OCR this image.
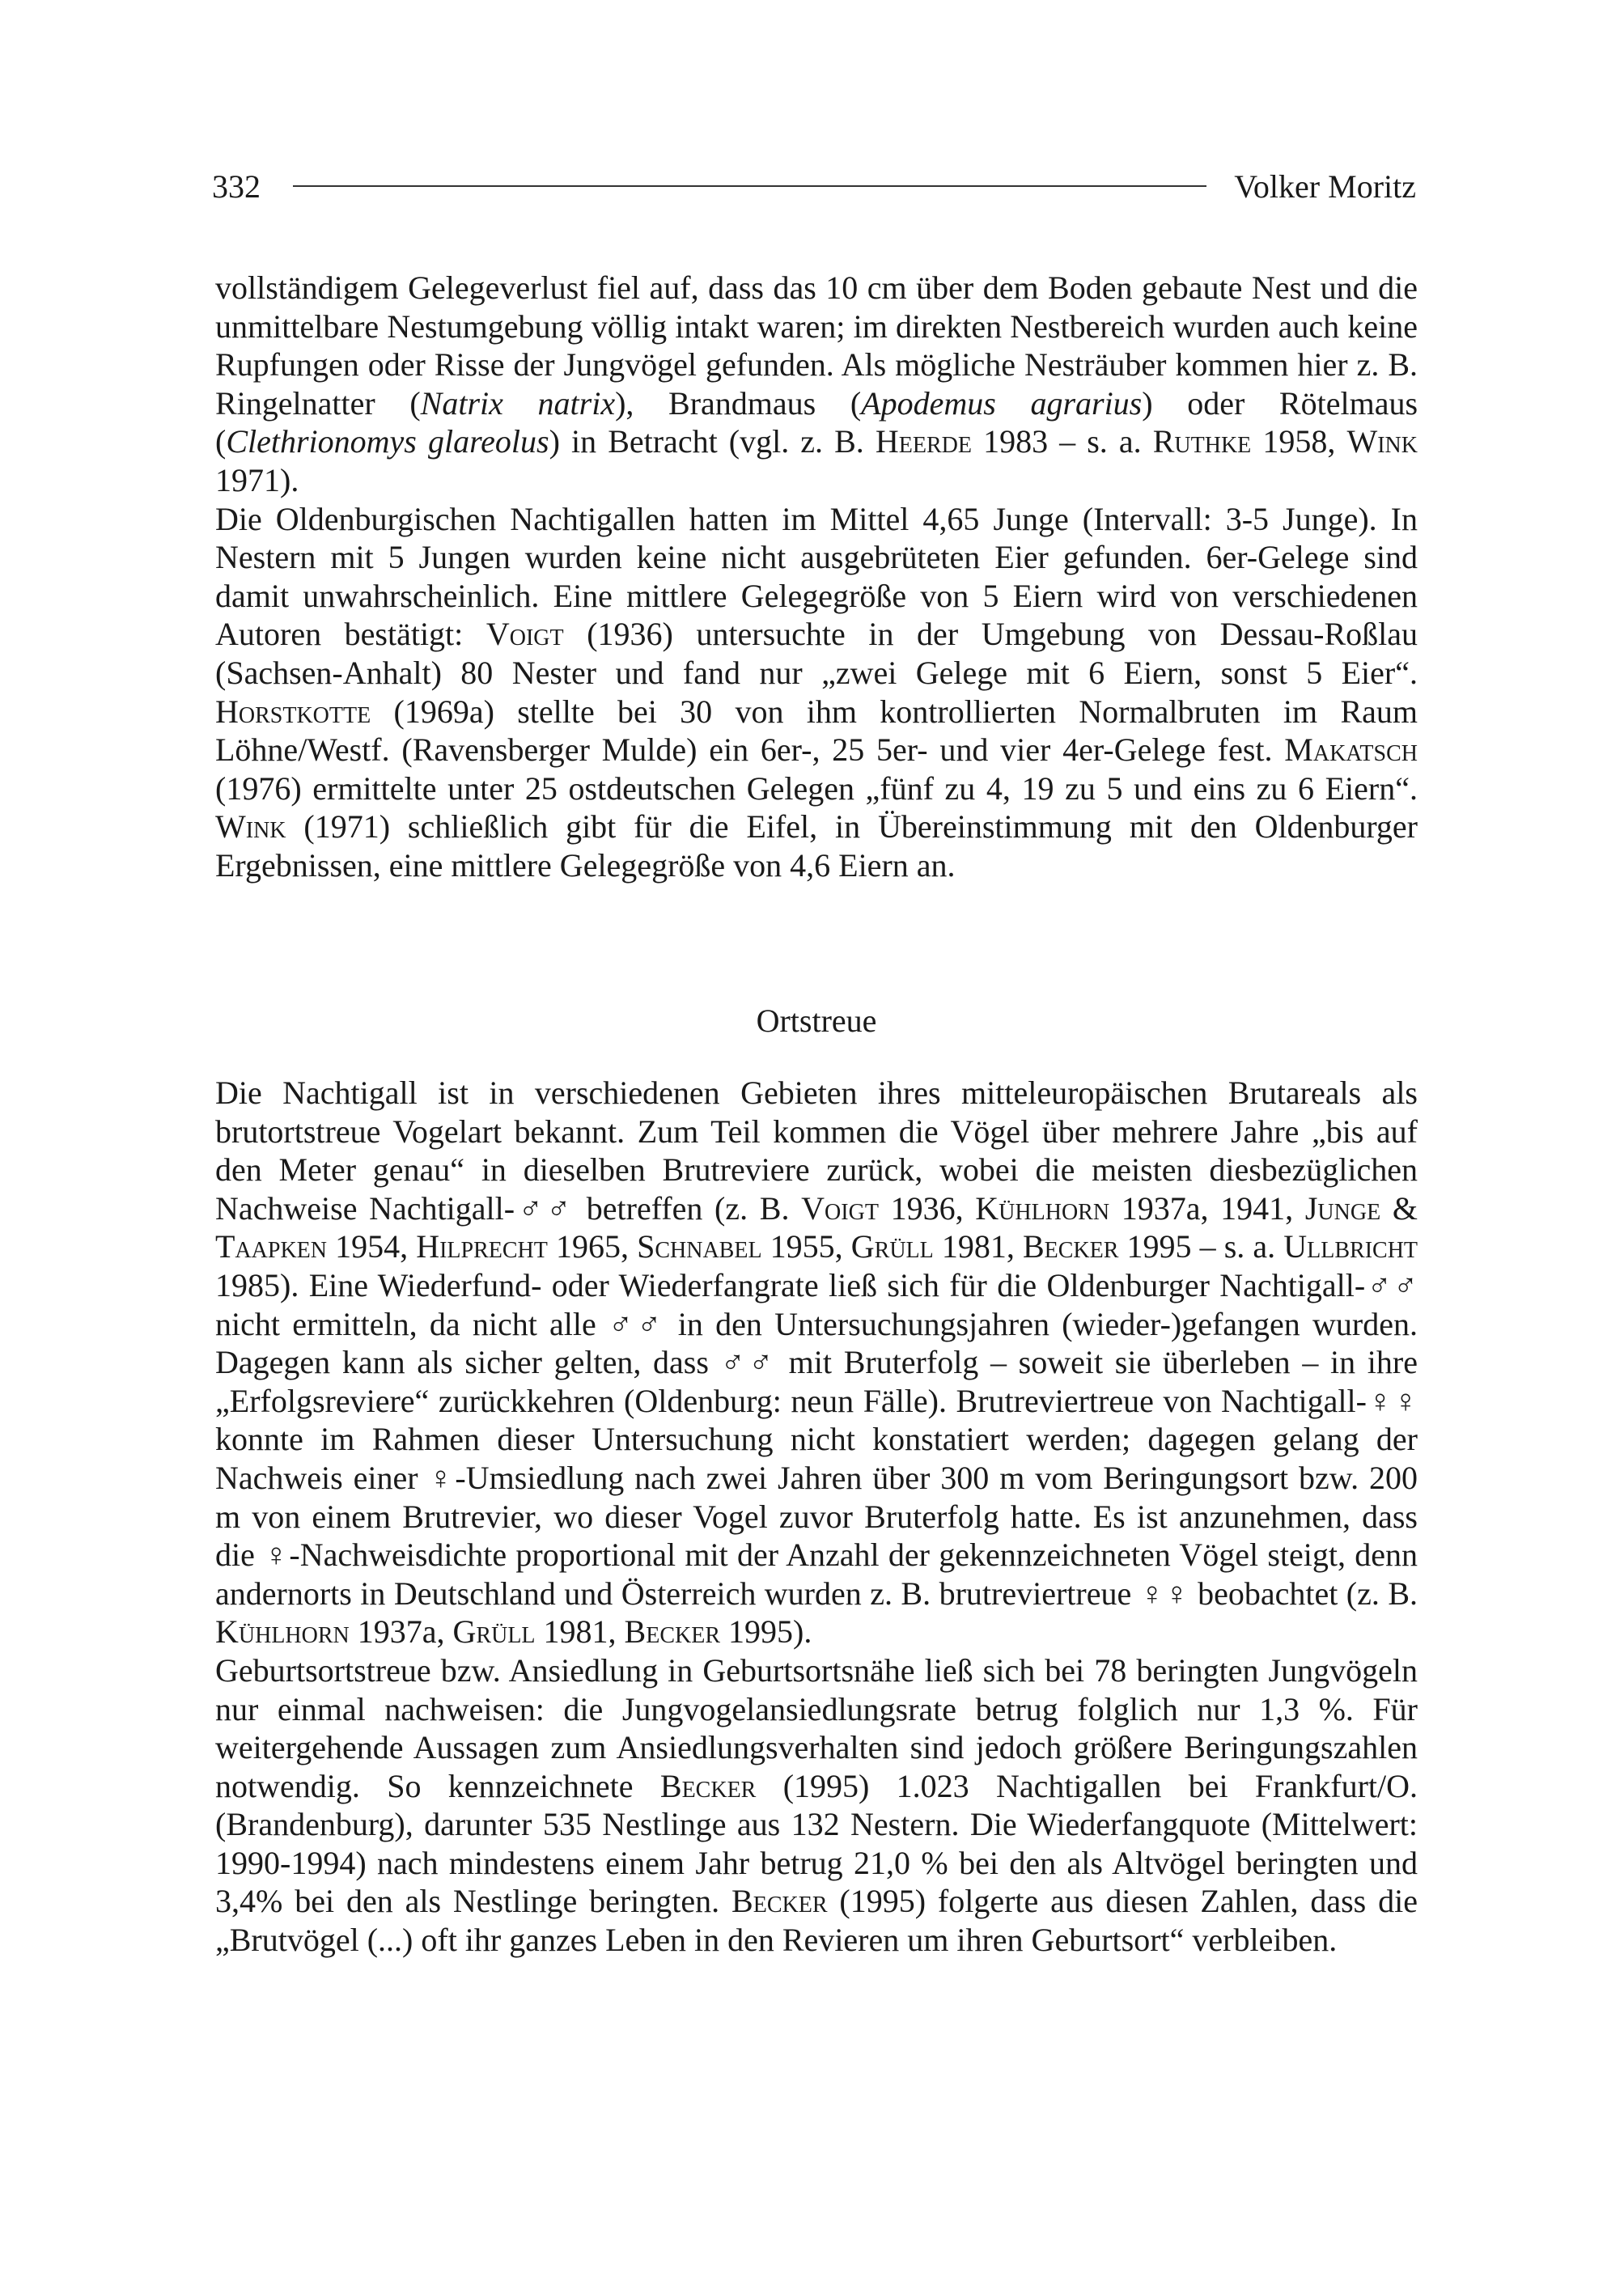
332	Volker Moritz

vollständigem Gelegeverlust fiel auf, dass das 10 cm über dem Boden gebaute Nest und die unmittelbare Nestumgebung völlig intakt waren; im direkten Nestbereich wurden auch keine Rupfungen oder Risse der Jungvögel gefunden. Als mögliche Nesträuber kommen hier z. B. Ringelnatter (Natrix natrix), Brandmaus (Apodemus agrarius) oder Rötelmaus (Clethrionomys glareolus) in Betracht (vgl. z. B. Heerde 1983 – s. a. Ruthke 1958, Wink 1971).

Die Oldenburgischen Nachtigallen hatten im Mittel 4,65 Junge (Intervall: 3-5 Junge). In Nestern mit 5 Jungen wurden keine nicht ausgebrüteten Eier gefunden. 6er-Gelege sind damit unwahrscheinlich. Eine mittlere Gelegegröße von 5 Eiern wird von verschiedenen Autoren bestätigt: Voigt (1936) untersuchte in der Umgebung von Dessau-Roßlau (Sachsen-Anhalt) 80 Nester und fand nur „zwei Gelege mit 6 Eiern, sonst 5 Eier“. Horstkotte (1969a) stellte bei 30 von ihm kontrollierten Normalbruten im Raum Löhne/Westf. (Ravensberger Mulde) ein 6er-, 25 5er- und vier 4er-Gelege fest. Makatsch (1976) ermittelte unter 25 ostdeutschen Gelegen „fünf zu 4, 19 zu 5 und eins zu 6 Eiern“. Wink (1971) schließlich gibt für die Eifel, in Übereinstimmung mit den Oldenburger Ergebnissen, eine mittlere Gelegegröße von 4,6 Eiern an.

Ortstreue

Die Nachtigall ist in verschiedenen Gebieten ihres mitteleuropäischen Brutareals als brutortstreue Vogelart bekannt. Zum Teil kommen die Vögel über mehrere Jahre „bis auf den Meter genau“ in dieselben Brutreviere zurück, wobei die meisten diesbezüglichen Nachweise Nachtigall-♂♂ betreffen (z. B. Voigt 1936, Kühlhorn 1937a, 1941, Junge & Taapken 1954, Hilprecht 1965, Schnabel 1955, Grüll 1981, Becker 1995 – s. a. Ullbricht 1985). Eine Wiederfund- oder Wiederfangrate ließ sich für die Oldenburger Nachtigall-♂♂ nicht ermitteln, da nicht alle ♂♂ in den Untersuchungsjahren (wieder-)gefangen wurden. Dagegen kann als sicher gelten, dass ♂♂ mit Bruterfolg – soweit sie überleben – in ihre „Erfolgsreviere“ zurückkehren (Oldenburg: neun Fälle). Brutreviertreue von Nachtigall-♀♀ konnte im Rahmen dieser Untersuchung nicht konstatiert werden; dagegen gelang der Nachweis einer ♀-Umsiedlung nach zwei Jahren über 300 m vom Beringungsort bzw. 200 m von einem Brutrevier, wo dieser Vogel zuvor Bruterfolg hatte. Es ist anzunehmen, dass die ♀-Nachweisdichte proportional mit der Anzahl der gekennzeichneten Vögel steigt, denn andernorts in Deutschland und Österreich wurden z. B. brutreviertreue ♀♀ beobachtet (z. B. Kühlhorn 1937a, Grüll 1981, Becker 1995).

Geburtsortstreue bzw. Ansiedlung in Geburtsortsnähe ließ sich bei 78 beringten Jungvögeln nur einmal nachweisen: die Jungvogelansiedlungsrate betrug folglich nur 1,3 %. Für weitergehende Aussagen zum Ansiedlungsverhalten sind jedoch größere Beringungszahlen notwendig. So kennzeichnete Becker (1995) 1.023 Nachtigallen bei Frankfurt/O. (Brandenburg), darunter 535 Nestlinge aus 132 Nestern. Die Wiederfangquote (Mittelwert: 1990-1994) nach mindestens einem Jahr betrug 21,0 % bei den als Altvögel beringten und 3,4% bei den als Nestlinge beringten. Becker (1995) folgerte aus diesen Zahlen, dass die „Brutvögel (...) oft ihr ganzes Leben in den Revieren um ihren Geburtsort“ verbleiben.
